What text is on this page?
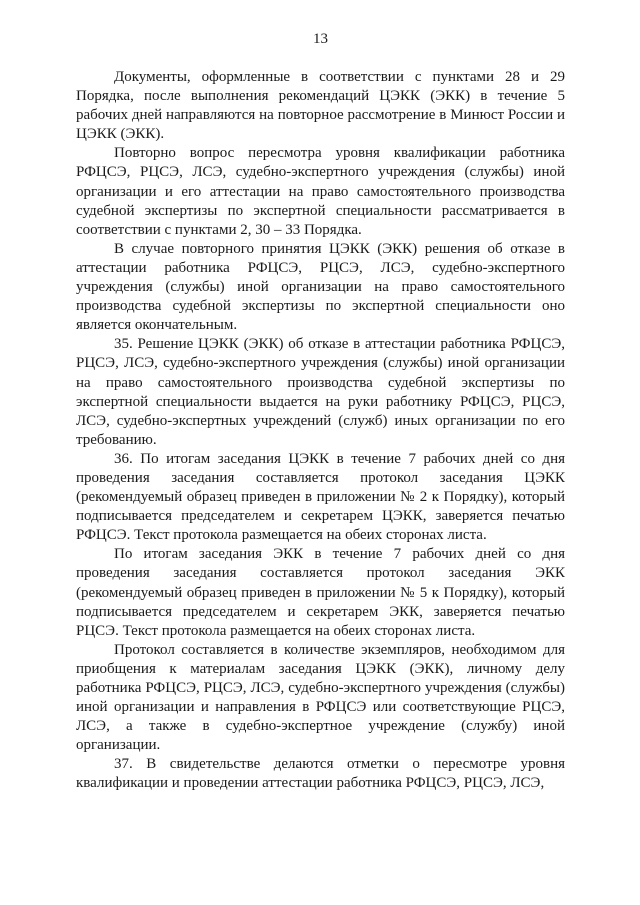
13

Документы, оформленные в соответствии с пунктами 28 и 29 Порядка, после выполнения рекомендаций ЦЭКК (ЭКК) в течение 5 рабочих дней направляются на повторное рассмотрение в Минюст России и ЦЭКК (ЭКК).

Повторно вопрос пересмотра уровня квалификации работника РФЦСЭ, РЦСЭ, ЛСЭ, судебно-экспертного учреждения (службы) иной организации и его аттестации на право самостоятельного производства судебной экспертизы по экспертной специальности рассматривается в соответствии с пунктами 2, 30 – 33 Порядка.

В случае повторного принятия ЦЭКК (ЭКК) решения об отказе в аттестации работника РФЦСЭ, РЦСЭ, ЛСЭ, судебно-экспертного учреждения (службы) иной организации на право самостоятельного производства судебной экспертизы по экспертной специальности оно является окончательным.

35. Решение ЦЭКК (ЭКК) об отказе в аттестации работника РФЦСЭ, РЦСЭ, ЛСЭ, судебно-экспертного учреждения (службы) иной организации на право самостоятельного производства судебной экспертизы по экспертной специальности выдается на руки работнику РФЦСЭ, РЦСЭ, ЛСЭ, судебно-экспертных учреждений (служб) иных организации по его требованию.

36. По итогам заседания ЦЭКК в течение 7 рабочих дней со дня проведения заседания составляется протокол заседания ЦЭКК (рекомендуемый образец приведен в приложении № 2 к Порядку), который подписывается председателем и секретарем ЦЭКК, заверяется печатью РФЦСЭ. Текст протокола размещается на обеих сторонах листа.

По итогам заседания ЭКК в течение 7 рабочих дней со дня проведения заседания составляется протокол заседания ЭКК (рекомендуемый образец приведен в приложении № 5 к Порядку), который подписывается председателем и секретарем ЭКК, заверяется печатью РЦСЭ. Текст протокола размещается на обеих сторонах листа.

Протокол составляется в количестве экземпляров, необходимом для приобщения к материалам заседания ЦЭКК (ЭКК), личному делу работника РФЦСЭ, РЦСЭ, ЛСЭ, судебно-экспертного учреждения (службы) иной организации и направления в РФЦСЭ или соответствующие РЦСЭ, ЛСЭ, а также в судебно-экспертное учреждение (службу) иной организации.

37. В свидетельстве делаются отметки о пересмотре уровня квалификации и проведении аттестации работника РФЦСЭ, РЦСЭ, ЛСЭ,
